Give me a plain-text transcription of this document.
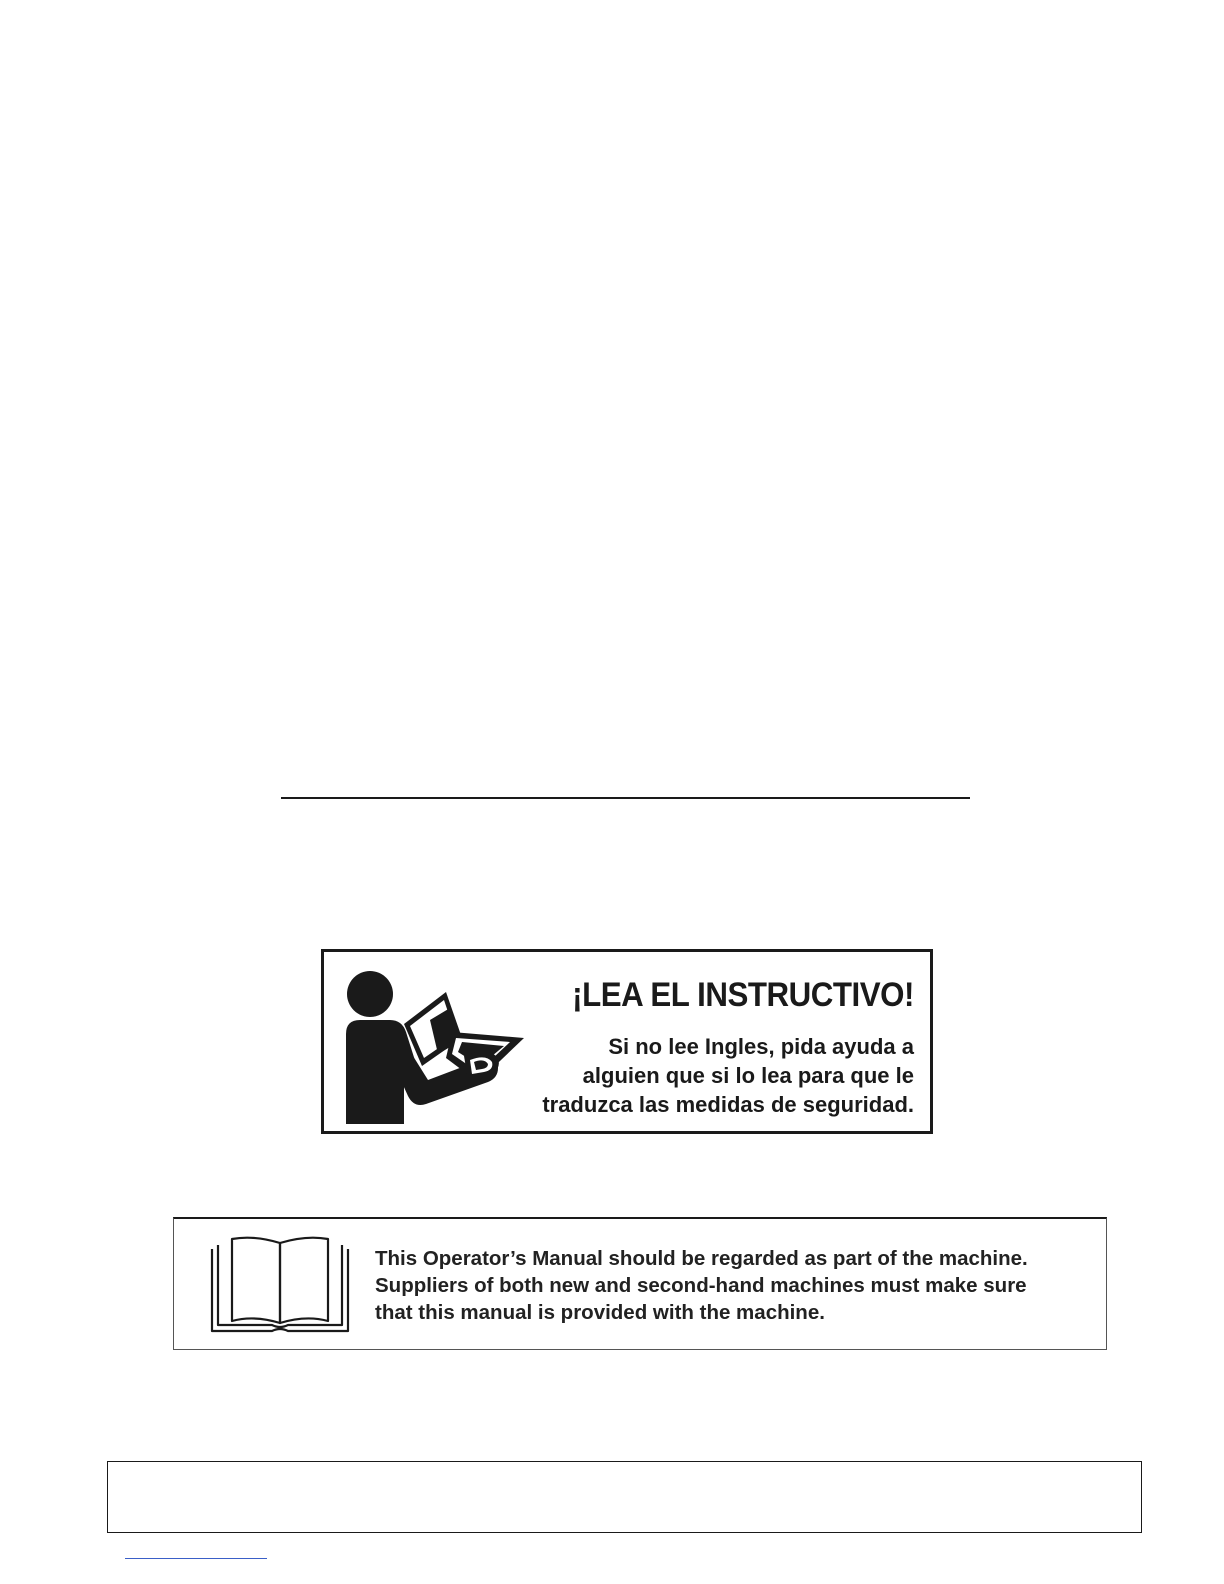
¡LEA EL INSTRUCTIVO!
Si no lee Ingles, pida ayuda a
alguien que si lo lea para que le
traduzca las medidas de seguridad.
This Operator’s Manual should be regarded as part of the machine.
Suppliers of both new and second-hand machines must make sure
that this manual is provided with the machine.
